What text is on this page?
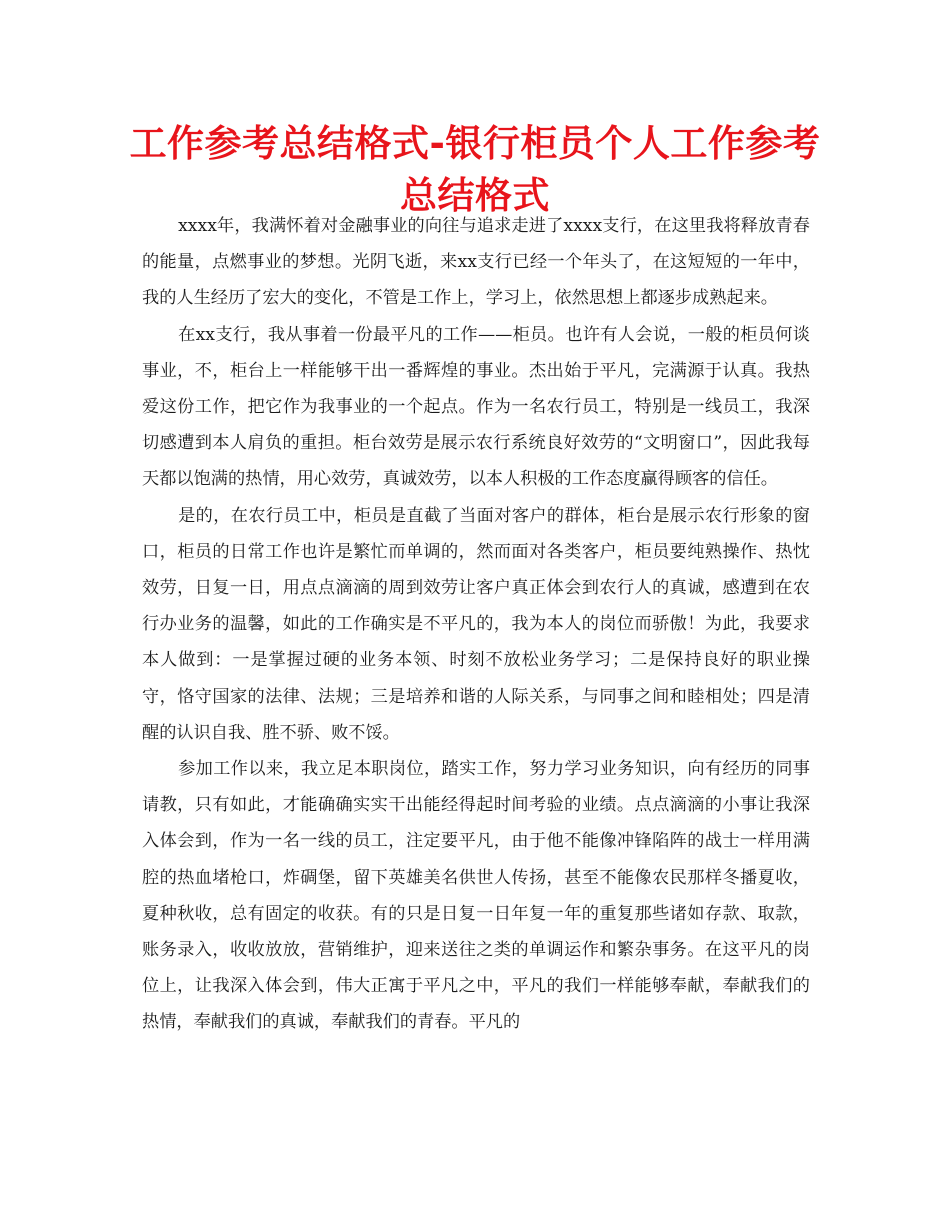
工作参考总结格式-银行柜员个人工作参考总结格式

xxxx年，我满怀着对金融事业的向往与追求走进了xxxx支行，在这里我将释放青春的能量，点燃事业的梦想。光阴飞逝，来xx支行已经一个年头了，在这短短的一年中，我的人生经历了宏大的变化，不管是工作上，学习上，依然思想上都逐步成熟起来。

在xx支行，我从事着一份最平凡的工作——柜员。也许有人会说，一般的柜员何谈事业，不，柜台上一样能够干出一番辉煌的事业。杰出始于平凡，完满源于认真。我热爱这份工作，把它作为我事业的一个起点。作为一名农行员工，特别是一线员工，我深切感遭到本人肩负的重担。柜台效劳是展示农行系统良好效劳的“文明窗口”，因此我每天都以饱满的热情，用心效劳，真诚效劳，以本人积极的工作态度赢得顾客的信任。

是的，在农行员工中，柜员是直截了当面对客户的群体，柜台是展示农行形象的窗口，柜员的日常工作也许是繁忙而单调的，然而面对各类客户，柜员要纯熟操作、热忱效劳，日复一日，用点点滴滴的周到效劳让客户真正体会到农行人的真诚，感遭到在农行办业务的温馨，如此的工作确实是不平凡的，我为本人的岗位而骄傲！为此，我要求本人做到：一是掌握过硬的业务本领、时刻不放松业务学习；二是保持良好的职业操守，恪守国家的法律、法规；三是培养和谐的人际关系，与同事之间和睦相处；四是清醒的认识自我、胜不骄、败不馁。

参加工作以来，我立足本职岗位，踏实工作，努力学习业务知识，向有经历的同事请教，只有如此，才能确确实实干出能经得起时间考验的业绩。点点滴滴的小事让我深入体会到，作为一名一线的员工，注定要平凡，由于他不能像冲锋陷阵的战士一样用满腔的热血堵枪口，炸碉堡，留下英雄美名供世人传扬，甚至不能像农民那样冬播夏收，夏种秋收，总有固定的收获。有的只是日复一日年复一年的重复那些诸如存款、取款，账务录入，收收放放，营销维护，迎来送往之类的单调运作和繁杂事务。在这平凡的岗位上，让我深入体会到，伟大正寓于平凡之中，平凡的我们一样能够奉献，奉献我们的热情，奉献我们的真诚，奉献我们的青春。平凡的
